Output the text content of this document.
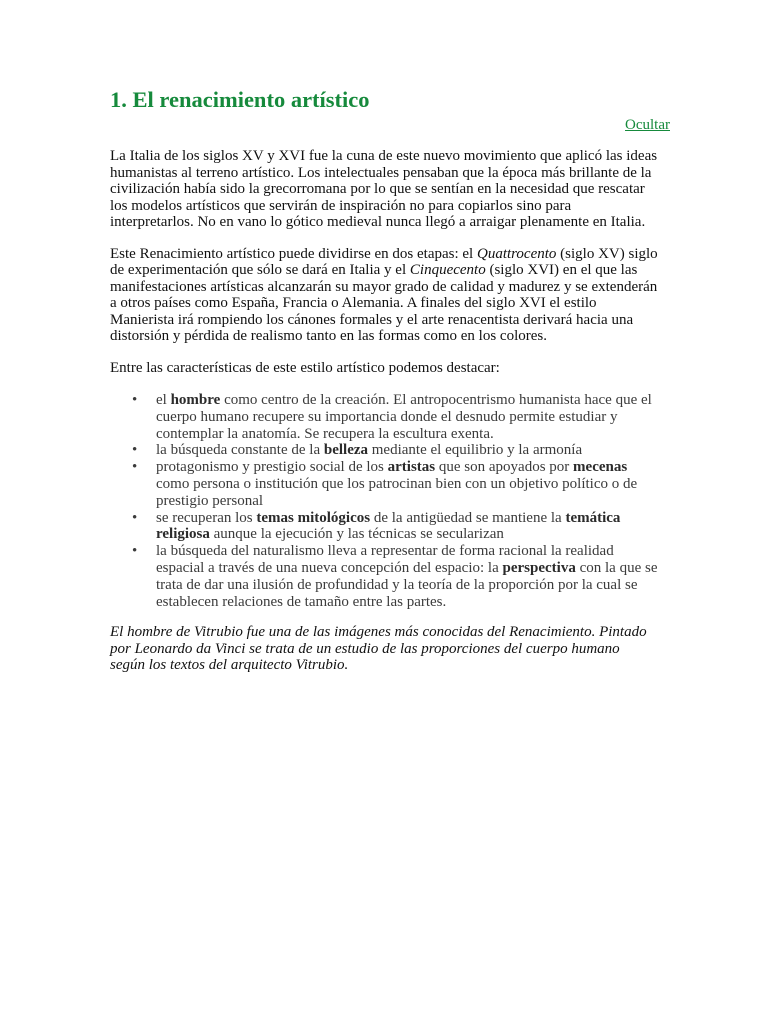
1. El renacimiento artístico
Ocultar

La Italia de los siglos XV y XVI fue la cuna de este nuevo movimiento que aplicó las ideas humanistas al terreno artístico. Los intelectuales pensaban que la época más brillante de la civilización había sido la grecorromana por lo que se sentían en la necesidad que rescatar los modelos artísticos que servirán de inspiración no para copiarlos sino para interpretarlos. No en vano lo gótico medieval nunca llegó a arraigar plenamente en Italia.

Este Renacimiento artístico puede dividirse en dos etapas: el Quattrocento (siglo XV) siglo de experimentación que sólo se dará en Italia y el Cinquecento (siglo XVI) en el que las manifestaciones artísticas alcanzarán su mayor grado de calidad y madurez y se extenderán a otros países como España, Francia o Alemania. A finales del siglo XVI el estilo Manierista irá rompiendo los cánones formales y el arte renacentista derivará hacia una distorsión y pérdida de realismo tanto en las formas como en los colores.

Entre las características de este estilo artístico podemos destacar:

• el hombre como centro de la creación. El antropocentrismo humanista hace que el cuerpo humano recupere su importancia donde el desnudo permite estudiar y contemplar la anatomía. Se recupera la escultura exenta.
• la búsqueda constante de la belleza mediante el equilibrio y la armonía
• protagonismo y prestigio social de los artistas que son apoyados por mecenas como persona o institución que los patrocinan bien con un objetivo político o de prestigio personal
• se recuperan los temas mitológicos de la antigüedad se mantiene la temática religiosa aunque la ejecución y las técnicas se secularizan
• la búsqueda del naturalismo lleva a representar de forma racional la realidad espacial a través de una nueva concepción del espacio: la perspectiva con la que se trata de dar una ilusión de profundidad y la teoría de la proporción por la cual se establecen relaciones de tamaño entre las partes.

El hombre de Vitrubio fue una de las imágenes más conocidas del Renacimiento. Pintado por Leonardo da Vinci se trata de un estudio de las proporciones del cuerpo humano según los textos del arquitecto Vitrubio.
